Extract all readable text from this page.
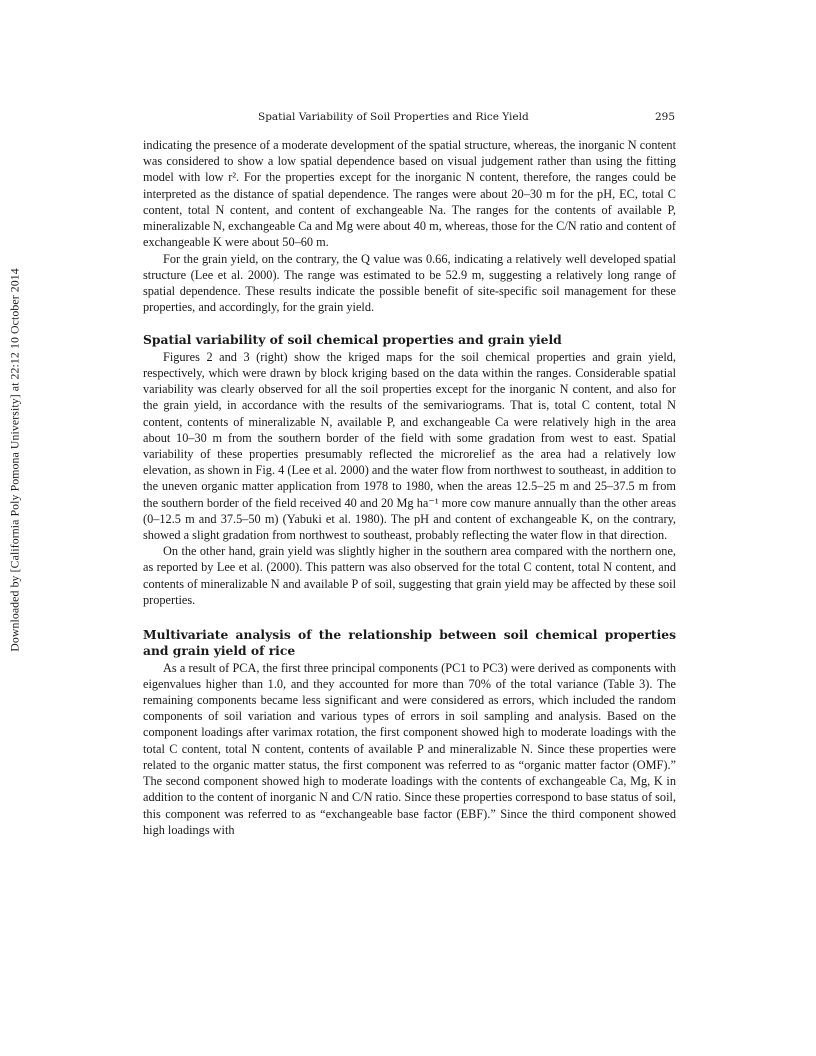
Downloaded by [California Poly Pomona University] at 22:12 10 October 2014
Spatial Variability of Soil Properties and Rice Yield	295

indicating the presence of a moderate development of the spatial structure, whereas, the inorganic N content was considered to show a low spatial dependence based on visual judgement rather than using the fitting model with low r². For the properties except for the inorganic N content, therefore, the ranges could be interpreted as the distance of spatial dependence. The ranges were about 20–30 m for the pH, EC, total C content, total N content, and content of exchangeable Na. The ranges for the contents of available P, mineralizable N, exchangeable Ca and Mg were about 40 m, whereas, those for the C/N ratio and content of exchangeable K were about 50–60 m.

For the grain yield, on the contrary, the Q value was 0.66, indicating a relatively well developed spatial structure (Lee et al. 2000). The range was estimated to be 52.9 m, suggesting a relatively long range of spatial dependence. These results indicate the possible benefit of site-specific soil management for these properties, and accordingly, for the grain yield.

Spatial variability of soil chemical properties and grain yield

Figures 2 and 3 (right) show the kriged maps for the soil chemical properties and grain yield, respectively, which were drawn by block kriging based on the data within the ranges. Considerable spatial variability was clearly observed for all the soil properties except for the inorganic N content, and also for the grain yield, in accordance with the results of the semivariograms. That is, total C content, total N content, contents of mineralizable N, available P, and exchangeable Ca were relatively high in the area about 10–30 m from the southern border of the field with some gradation from west to east. Spatial variability of these properties presumably reflected the microrelief as the area had a relatively low elevation, as shown in Fig. 4 (Lee et al. 2000) and the water flow from northwest to southeast, in addition to the uneven organic matter application from 1978 to 1980, when the areas 12.5–25 m and 25–37.5 m from the southern border of the field received 40 and 20 Mg ha⁻¹ more cow manure annually than the other areas (0–12.5 m and 37.5–50 m) (Yabuki et al. 1980). The pH and content of exchangeable K, on the contrary, showed a slight gradation from northwest to southeast, probably reflecting the water flow in that direction.

On the other hand, grain yield was slightly higher in the southern area compared with the northern one, as reported by Lee et al. (2000). This pattern was also observed for the total C content, total N content, and contents of mineralizable N and available P of soil, suggesting that grain yield may be affected by these soil properties.

Multivariate analysis of the relationship between soil chemical properties and grain yield of rice

As a result of PCA, the first three principal components (PC1 to PC3) were derived as components with eigenvalues higher than 1.0, and they accounted for more than 70% of the total variance (Table 3). The remaining components became less significant and were considered as errors, which included the random components of soil variation and various types of errors in soil sampling and analysis. Based on the component loadings after varimax rotation, the first component showed high to moderate loadings with the total C content, total N content, contents of available P and mineralizable N. Since these properties were related to the organic matter status, the first component was referred to as “organic matter factor (OMF).” The second component showed high to moderate loadings with the contents of exchangeable Ca, Mg, K in addition to the content of inorganic N and C/N ratio. Since these properties correspond to base status of soil, this component was referred to as “exchangeable base factor (EBF).” Since the third component showed high loadings with
